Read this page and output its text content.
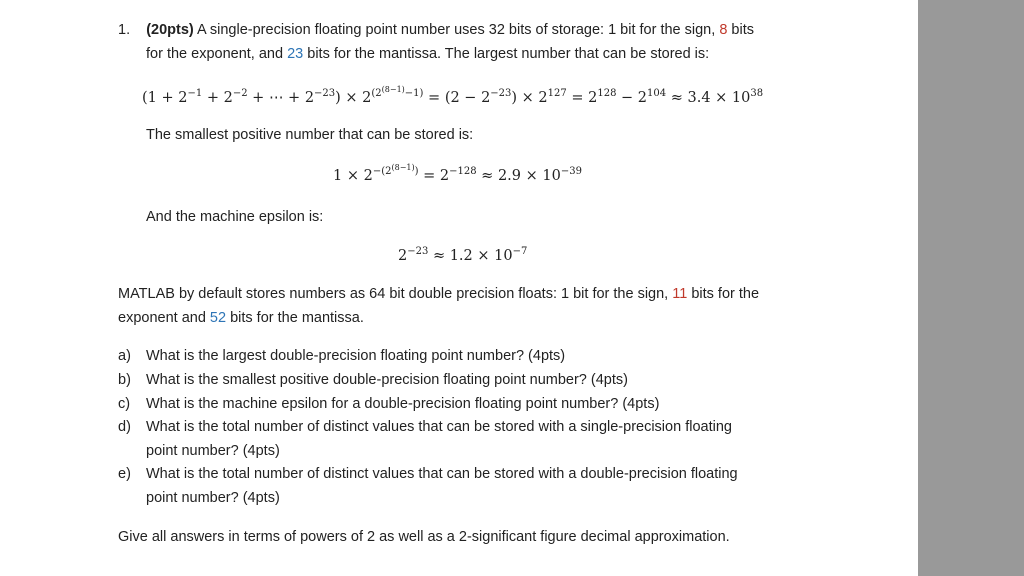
1. (20pts) A single-precision floating point number uses 32 bits of storage: 1 bit for the sign, 8 bits
for the exponent, and 23 bits for the mantissa. The largest number that can be stored is:
($1 + 2^{-1} + 2^{-2}$ + ⋯ + $2^{-23}) \times 2^{(2^{(8-1)}-1)} = (2 - 2^{-23}) \times 2^{127} = 2^{128} - 2^{104} \approx 3.4 \times 10^{38}$
The smallest positive number that can be stored is:
$1 \times 2^{-(2^{(8-1)})} = 2^{-128} \approx 2.9 \times 10^{-39}$
And the machine epsilon is:
$2^{-23} \approx 1.2 \times 10^{-7}$
MATLAB by default stores numbers as 64 bit double precision floats: 1 bit for the sign, 11 bits for the
exponent and 52 bits for the mantissa.
a) What is the largest double-precision floating point number? (4pts)
b) What is the smallest positive double-precision floating point number? (4pts)
c) What is the machine epsilon for a double-precision floating point number? (4pts)
d) What is the total number of distinct values that can be stored with a single-precision floating
point number? (4pts)
e) What is the total number of distinct values that can be stored with a double-precision floating
point number? (4pts)
Give all answers in terms of powers of 2 as well as a 2-significant figure decimal approximation.
